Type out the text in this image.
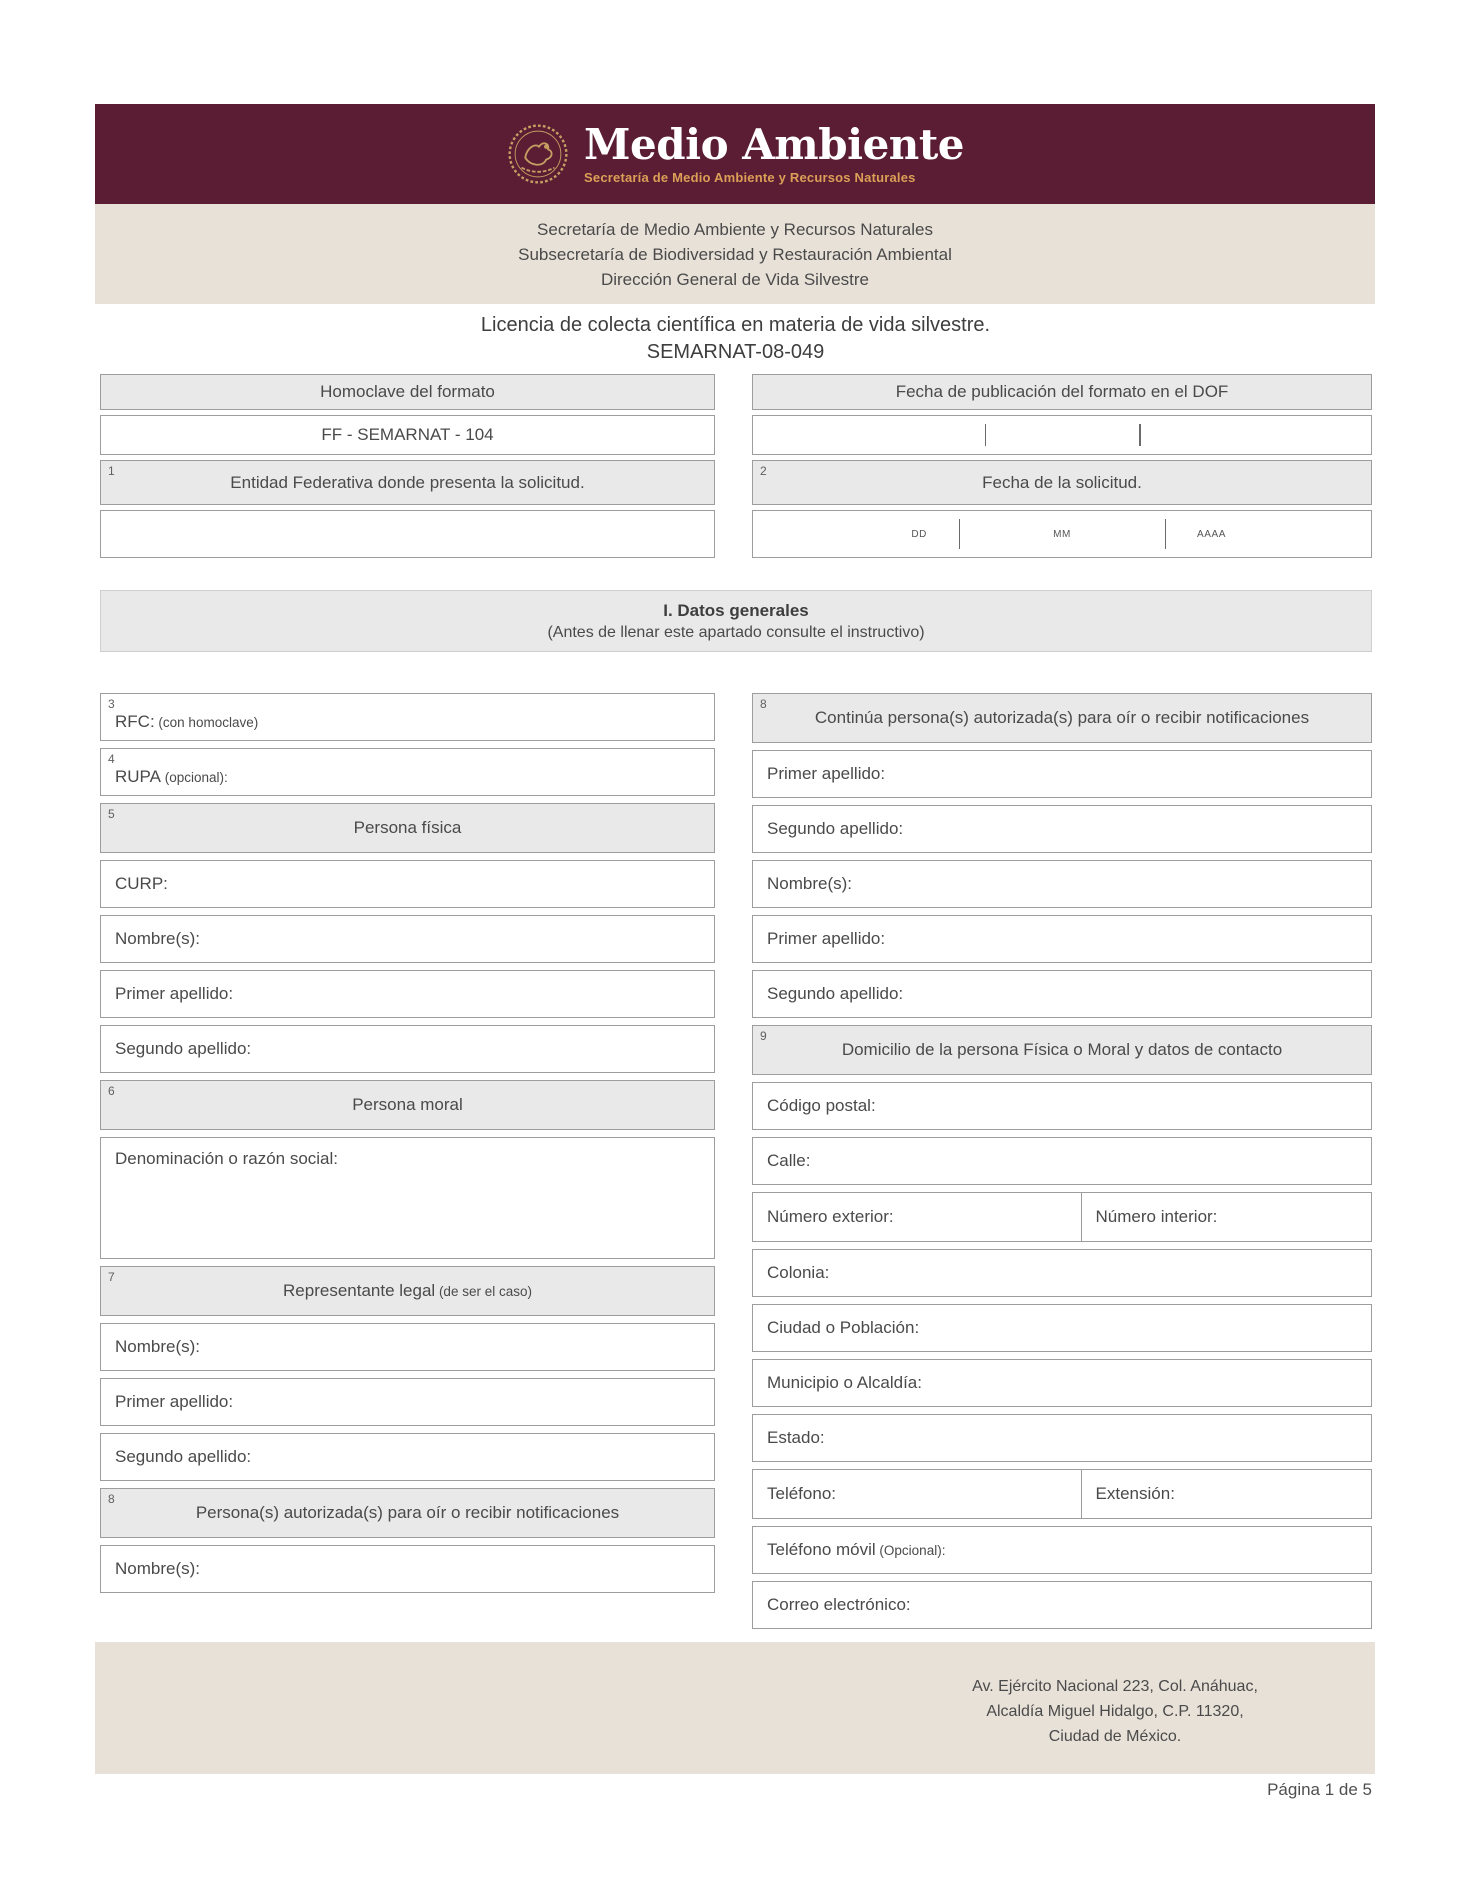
Medio Ambiente
Secretaría de Medio Ambiente y Recursos Naturales
Secretaría de Medio Ambiente y Recursos Naturales
Subsecretaría de Biodiversidad y Restauración Ambiental
Dirección General de Vida Silvestre
Licencia de colecta científica en materia de vida silvestre.
SEMARNAT-08-049
Homoclave del formato
FF - SEMARNAT - 104
1
Entidad Federativa donde presenta la solicitud.
Fecha de publicación del formato en el DOF
2
Fecha de la solicitud.
DD	MM	AAAA
I. Datos generales
(Antes de llenar este apartado consulte el instructivo)
3
RFC: (con homoclave)
4
RUPA (opcional):
5
Persona física
CURP:
Nombre(s):
Primer apellido:
Segundo apellido:
6
Persona moral
Denominación o razón social:
7
Representante legal (de ser el caso)
Nombre(s):
Primer apellido:
Segundo apellido:
8
Persona(s) autorizada(s) para oír o recibir notificaciones
Nombre(s):
8
Continúa persona(s) autorizada(s) para oír o recibir notificaciones
Primer apellido:
Segundo apellido:
Nombre(s):
Primer apellido:
Segundo apellido:
9
Domicilio de la persona Física o Moral y datos de contacto
Código postal:
Calle:
Número exterior:	Número interior:
Colonia:
Ciudad o Población:
Municipio o Alcaldía:
Estado:
Teléfono:	Extensión:
Teléfono móvil (Opcional):
Correo electrónico:
Av. Ejército Nacional 223, Col. Anáhuac,
Alcaldía Miguel Hidalgo, C.P. 11320,
Ciudad de México.
Página 1 de 5
